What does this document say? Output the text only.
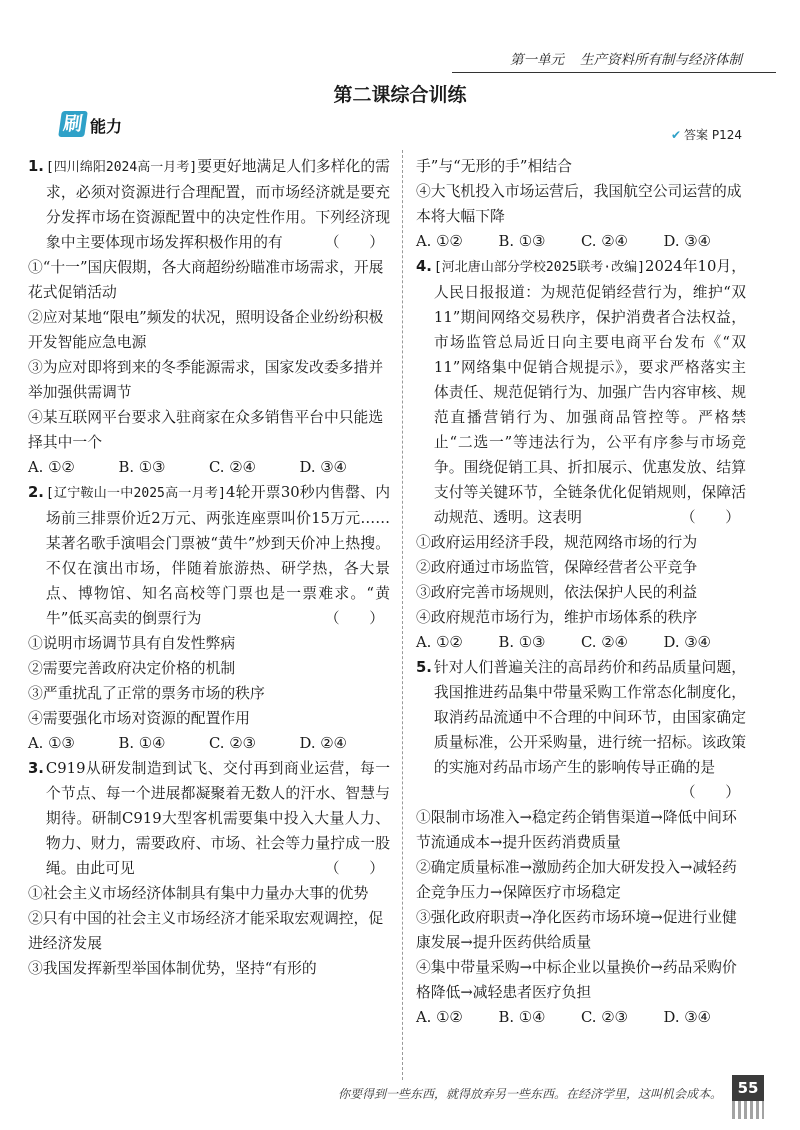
第一单元 生产资料所有制与经济体制
第二课综合训练
刷 能力	✔ 答案 P124
1. [四川绵阳2024高一月考]要更好地满足人们多样化的需求，必须对资源进行合理配置，而市场经济就是要充分发挥市场在资源配置中的决定性作用。下列经济现象中主要体现市场发挥积极作用的有	（　　）
①“十一”国庆假期，各大商超纷纷瞄准市场需求，开展花式促销活动
②应对某地“限电”频发的状况，照明设备企业纷纷积极开发智能应急电源
③为应对即将到来的冬季能源需求，国家发改委多措并举加强供需调节
④某互联网平台要求入驻商家在众多销售平台中只能选择其中一个
A. ①②	B. ①③	C. ②④	D. ③④
2. [辽宁鞍山一中2025高一月考]4轮开票30秒内售罄、内场前三排票价近2万元、两张连座票叫价15万元……某著名歌手演唱会门票被“黄牛”炒到天价冲上热搜。不仅在演出市场，伴随着旅游热、研学热，各大景点、博物馆、知名高校等门票也是一票难求。“黄牛”低买高卖的倒票行为	（　　）
①说明市场调节具有自发性弊病
②需要完善政府决定价格的机制
③严重扰乱了正常的票务市场的秩序
④需要强化市场对资源的配置作用
A. ①③	B. ①④	C. ②③	D. ②④
3. C919从研发制造到试飞、交付再到商业运营，每一个节点、每一个进展都凝聚着无数人的汗水、智慧与期待。研制C919大型客机需要集中投入大量人力、物力、财力，需要政府、市场、社会等力量拧成一股绳。由此可见	（　　）
①社会主义市场经济体制具有集中力量办大事的优势
②只有中国的社会主义市场经济才能采取宏观调控，促进经济发展
③我国发挥新型举国体制优势，坚持“有形的
手”与“无形的手”相结合
④大飞机投入市场运营后，我国航空公司运营的成本将大幅下降
A. ①②	B. ①③	C. ②④	D. ③④
4. [河北唐山部分学校2025联考·改编]2024年10月，人民日报报道：为规范促销经营行为，维护“双11”期间网络交易秩序，保护消费者合法权益，市场监管总局近日向主要电商平台发布《“双11”网络集中促销合规提示》，要求严格落实主体责任、规范促销行为、加强广告内容审核、规范直播营销行为、加强商品管控等。严格禁止“二选一”等违法行为，公平有序参与市场竞争。围绕促销工具、折扣展示、优惠发放、结算支付等关键环节，全链条优化促销规则，保障活动规范、透明。这表明	（　　）
①政府运用经济手段，规范网络市场的行为
②政府通过市场监管，保障经营者公平竞争
③政府完善市场规则，依法保护人民的利益
④政府规范市场行为，维护市场体系的秩序
A. ①②	B. ①③	C. ②④	D. ③④
5. 针对人们普遍关注的高昂药价和药品质量问题，我国推进药品集中带量采购工作常态化制度化，取消药品流通中不合理的中间环节，由国家确定质量标准，公开采购量，进行统一招标。该政策的实施对药品市场产生的影响传导正确的是
（　　）
①限制市场准入→稳定药企销售渠道→降低中间环节流通成本→提升医药消费质量
②确定质量标准→激励药企加大研发投入→减轻药企竞争压力→保障医疗市场稳定
③强化政府职责→净化医药市场环境→促进行业健康发展→提升医药供给质量
④集中带量采购→中标企业以量换价→药品采购价格降低→减轻患者医疗负担
A. ①②	B. ①④	C. ②③	D. ③④
你要得到一些东西，就得放弃另一些东西。在经济学里，这叫机会成本。	55
